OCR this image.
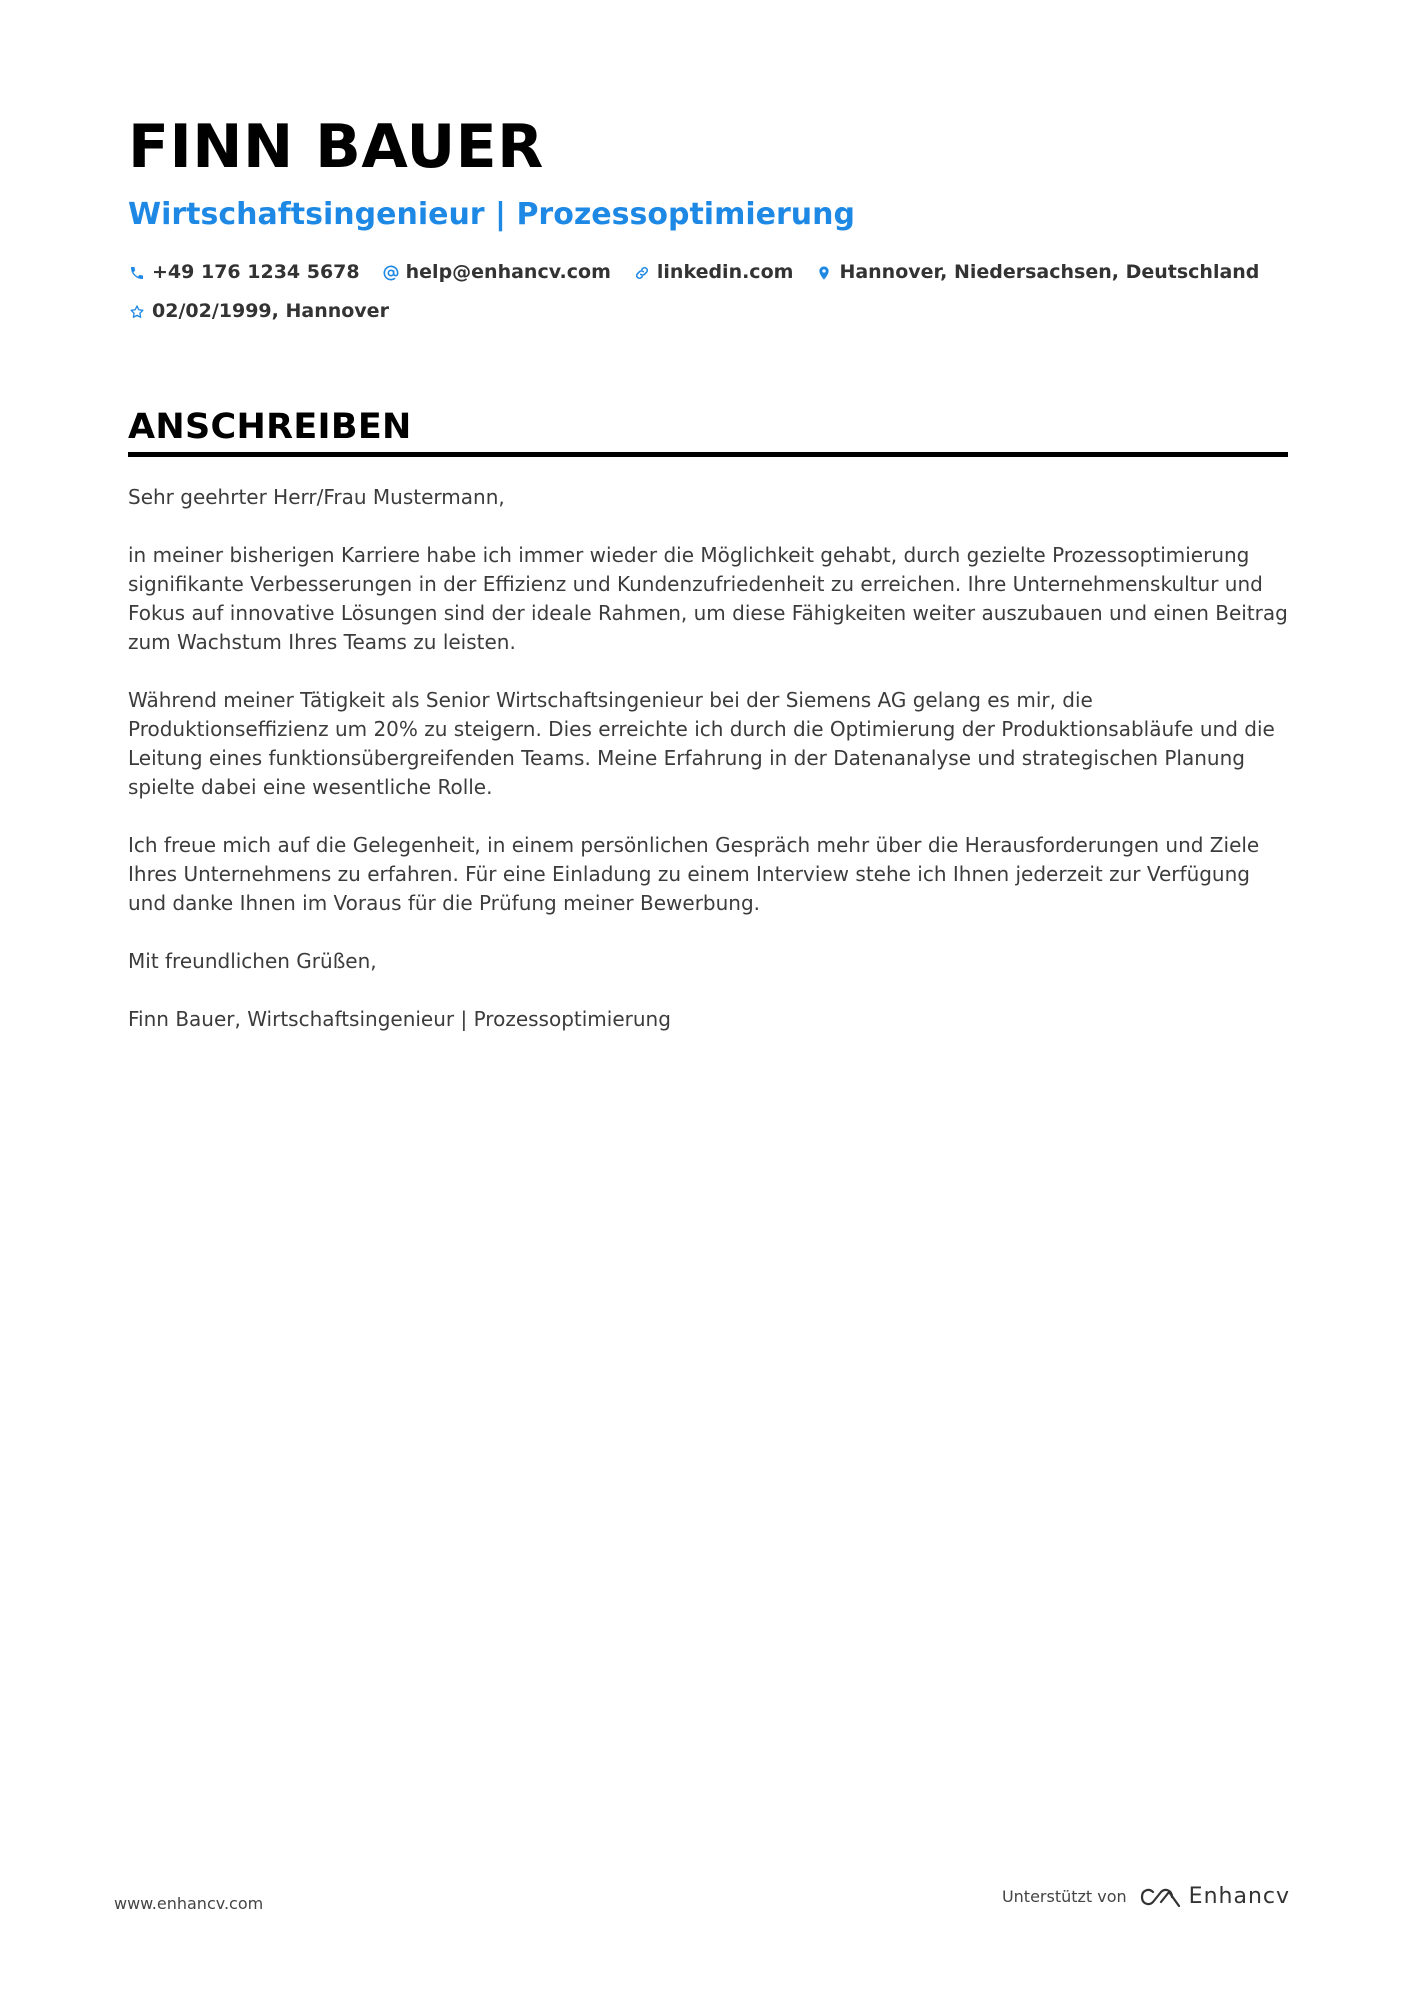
FINN BAUER
Wirtschaftsingenieur | Prozessoptimierung
+49 176 1234 5678 help@enhancv.com linkedin.com Hannover, Niedersachsen, Deutschland
02/02/1999, Hannover
ANSCHREIBEN

Sehr geehrter Herr/Frau Mustermann,

in meiner bisherigen Karriere habe ich immer wieder die Möglichkeit gehabt, durch gezielte Prozessoptimierung signifikante Verbesserungen in der Effizienz und Kundenzufriedenheit zu erreichen. Ihre Unternehmenskultur und Fokus auf innovative Lösungen sind der ideale Rahmen, um diese Fähigkeiten weiter auszubauen und einen Beitrag zum Wachstum Ihres Teams zu leisten.

Während meiner Tätigkeit als Senior Wirtschaftsingenieur bei der Siemens AG gelang es mir, die Produktionseffizienz um 20% zu steigern. Dies erreichte ich durch die Optimierung der Produktionsabläufe und die Leitung eines funktionsübergreifenden Teams. Meine Erfahrung in der Datenanalyse und strategischen Planung spielte dabei eine wesentliche Rolle.

Ich freue mich auf die Gelegenheit, in einem persönlichen Gespräch mehr über die Herausforderungen und Ziele Ihres Unternehmens zu erfahren. Für eine Einladung zu einem Interview stehe ich Ihnen jederzeit zur Verfügung und danke Ihnen im Voraus für die Prüfung meiner Bewerbung.

Mit freundlichen Grüßen,

Finn Bauer, Wirtschaftsingenieur | Prozessoptimierung

www.enhancv.com	Unterstützt von	Enhancv
